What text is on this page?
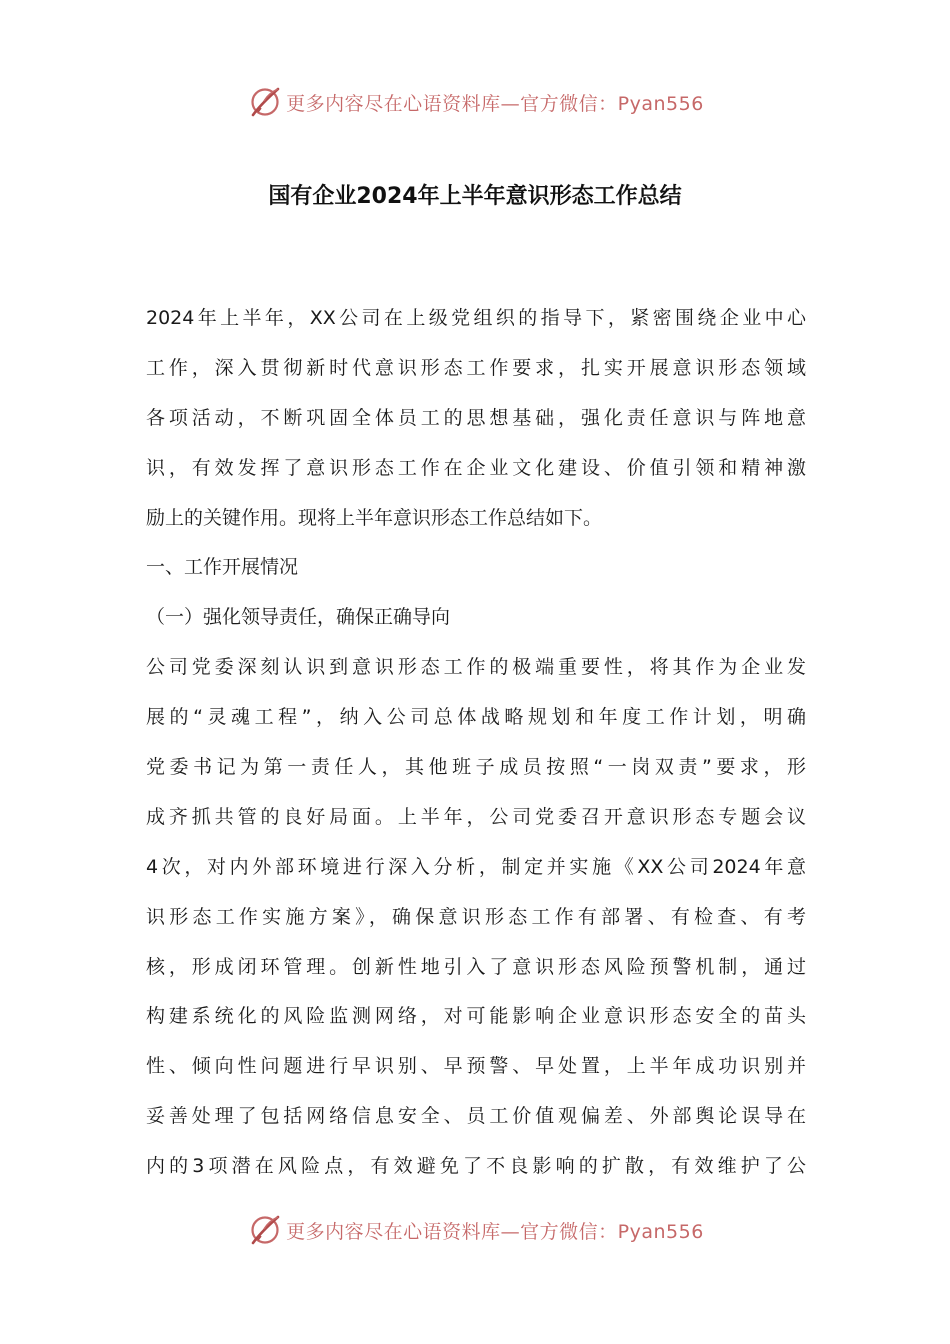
更多内容尽在心语资料库— 官方微信：Pyan556
国有企业2024年上半年意识形态工作总结
2024年上半年，XX公司在上级党组织的指导下，紧密围绕企业中心
工作，深入贯彻新时代意识形态工作要求，扎实开展意识形态领域
各项活动，不断巩固全体员工的思想基础，强化责任意识与阵地意
识，有效发挥了意识形态工作在企业文化建设、价值引领和精神激
励上的关键作用。现将上半年意识形态工作总结如下。
一、工作开展情况
（一）强化领导责任，确保正确导向
公司党委深刻认识到意识形态工作的极端重要性，将其作为企业发
展的“灵魂工程”，纳入公司总体战略规划和年度工作计划，明确
党委书记为第一责任人，其他班子成员按照“一岗双责”要求，形
成齐抓共管的良好局面。上半年，公司党委召开意识形态专题会议
4次，对内外部环境进行深入分析，制定并实施《XX公司2024年意
识形态工作实施方案》，确保意识形态工作有部署、有检查、有考
核，形成闭环管理。创新性地引入了意识形态风险预警机制，通过
构建系统化的风险监测网络，对可能影响企业意识形态安全的苗头
性、倾向性问题进行早识别、早预警、早处置，上半年成功识别并
妥善处理了包括网络信息安全、员工价值观偏差、外部舆论误导在
内的3项潜在风险点，有效避免了不良影响的扩散，有效维护了公
更多内容尽在心语资料库— 官方微信：Pyan556
